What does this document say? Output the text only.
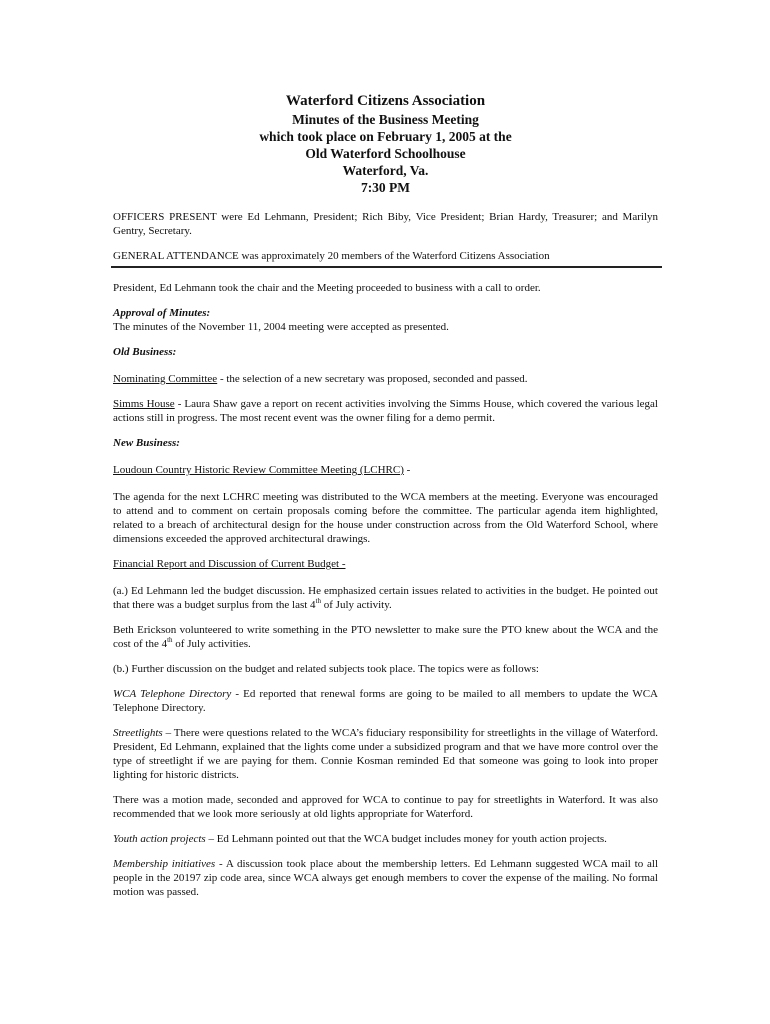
Waterford Citizens Association
Minutes of the Business Meeting
which took place on February 1, 2005 at the
Old Waterford Schoolhouse
Waterford, Va.
7:30 PM

OFFICERS PRESENT were Ed Lehmann, President; Rich Biby, Vice President; Brian Hardy, Treasurer; and Marilyn Gentry, Secretary.

GENERAL ATTENDANCE was approximately 20 members of the Waterford Citizens Association

President, Ed Lehmann took the chair and the Meeting proceeded to business with a call to order.

Approval of Minutes:

The minutes of the November 11, 2004 meeting were accepted as presented.

Old Business:

Nominating Committee - the selection of a new secretary was proposed, seconded and passed.

Simms House - Laura Shaw gave a report on recent activities involving the Simms House, which covered the various legal actions still in progress. The most recent event was the owner filing for a demo permit.

New Business:

Loudoun Country Historic Review Committee Meeting (LCHRC) -

The agenda for the next LCHRC meeting was distributed to the WCA members at the meeting. Everyone was encouraged to attend and to comment on certain proposals coming before the committee. The particular agenda item highlighted, related to a breach of architectural design for the house under construction across from the Old Waterford School, where dimensions exceeded the approved architectural drawings.

Financial Report and Discussion of Current Budget -

(a.) Ed Lehmann led the budget discussion. He emphasized certain issues related to activities in the budget. He pointed out that there was a budget surplus from the last 4th of July activity.

Beth Erickson volunteered to write something in the PTO newsletter to make sure the PTO knew about the WCA and the cost of the 4th of July activities.

(b.) Further discussion on the budget and related subjects took place. The topics were as follows:

WCA Telephone Directory - Ed reported that renewal forms are going to be mailed to all members to update the WCA Telephone Directory.

Streetlights – There were questions related to the WCA’s fiduciary responsibility for streetlights in the village of Waterford. President, Ed Lehmann, explained that the lights come under a subsidized program and that we have more control over the type of streetlight if we are paying for them. Connie Kosman reminded Ed that someone was going to look into proper lighting for historic districts.

There was a motion made, seconded and approved for WCA to continue to pay for streetlights in Waterford. It was also recommended that we look more seriously at old lights appropriate for Waterford.

Youth action projects – Ed Lehmann pointed out that the WCA budget includes money for youth action projects.

Membership initiatives - A discussion took place about the membership letters. Ed Lehmann suggested WCA mail to all people in the 20197 zip code area, since WCA always get enough members to cover the expense of the mailing. No formal motion was passed.
